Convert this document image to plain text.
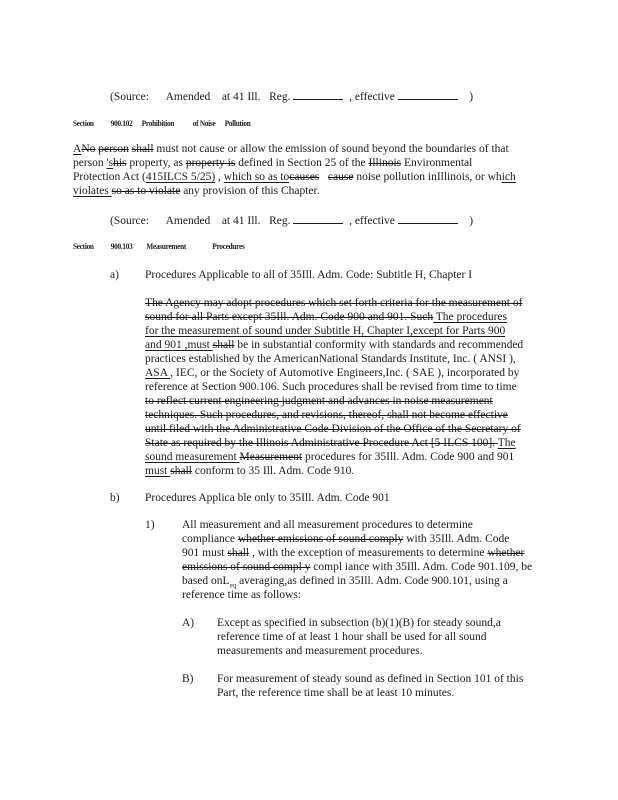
(Source: Amended at 41 Ill. Reg.	, effective	)
Section 900.102 Prohibition of Noise Pollution
ANo person shall must not cause or allow the emission of sound beyond the boundaries of that
person 'shis property, as property is defined in Section 25 of the Illinois Environmental
Protection Act (415ILCS 5/25) , which so as tocauses cause noise pollution inIllinois, or which
violates so as to violate any provision of this Chapter.
(Source: Amended at 41 Ill. Reg.	, effective	)
Section 900.103 Measurement	Procedures
a) Procedures Applicable to all of 35Ill. Adm. Code: Subtitle H, Chapter I
The Agency may adopt procedures which set forth criteria for the measurement of
sound for all Parts except 35Ill. Adm. Code 900 and 901. Such The procedures
for the measurement of sound under Subtitle H, Chapter I,except for Parts 900
and 901 ,must shall be in substantial conformity with standards and recommended
practices established by the AmericanNational Standards Institute, Inc. ( ANSI ),
ASA , IEC, or the Society of Automotive Engineers,Inc. ( SAE ), incorporated by
reference at Section 900.106. Such procedures shall be revised from time to time
to reflect current engineering judgment and advances in noise measurement
techniques. Such procedures, and revisions, thereof, shall not become effective
until filed with the Administrative Code Division of the Office of the Secretary of
State as required by the Illinois Administrative Procedure Act [5 ILCS 100]. The
sound measurement Measurement procedures for 35Ill. Adm. Code 900 and 901
must shall conform to 35 Ill. Adm. Code 910.
b) Procedures Applica ble only to 35Ill. Adm. Code 901
1) All measurement and all measurement procedures to determine
compliance whether emissions of sound comply with 35Ill. Adm. Code
901 must shall , with the exception of measurements to determine whether
emissions of sound compl y compl iance with 35Ill. Adm. Code 901.109, be
based onL$_{eq}$ averaging,as defined in 35Ill. Adm. Code 900.101, using a
reference time as follows:
A) Except as specified in subsection (b)(1)(B) for steady sound,a
reference time of at least 1 hour shall be used for all sound
measurements and measurement procedures.
B) For measurement of steady sound as defined in Section 101 of this
Part, the reference time shall be at least 10 minutes.
